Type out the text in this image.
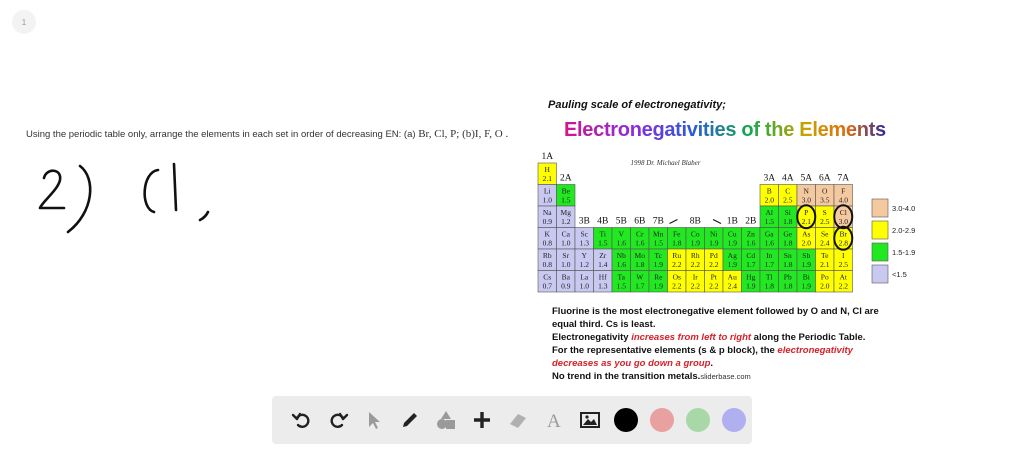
1
Using the periodic table only, arrange the elements in each set in order of decreasing EN: (a) Br, Cl, P; (b)I, F, O .
Pauling scale of electronegativity;
Electronegativities of the Elements
1A
2A
3B 4B 5B 6B 7B	8B	1B 2B
3A 4A 5A 6A 7A
1998 Dr. Michael Blaber
H
2.1
Li
1.0
Be
1.5
B
2.0
C
2.5
N
3.0
O
3.5
F
4.0
Na
0.9
Mg
1.2
Al
1.5
Si
1.8
P
2.1
S
2.5
Cl
3.0
K
0.8
Ca
1.0
Sc
1.3
Ti
1.5
V
1.6
Cr
1.6
Mn
1.5
Fe
1.8
Co
1.9
Ni
1.9
Cu
1.9
Zn
1.6
Ga
1.6
Ge
1.8
As
2.0
Se
2.4
Br
2.8
Rb
0.8
Sr
1.0
Y
1.2
Zr
1.4
Nb
1.6
Mo
1.8
Tc
1.9
Ru
2.2
Rh
2.2
Pd
2.2
Ag
1.9
Cd
1.7
In
1.7
Sn
1.8
Sb
1.9
Te
2.1
I
2.5
Cs
0.7
Ba
0.9
La
1.0
Hf
1.3
Ta
1.5
W
1.7
Re
1.9
Os
2.2
Ir
2.2
Pt
2.2
Au
2.4
Hg
1.9
Tl
1.8
Pb
1.8
Bi
1.9
Po
2.0
At
2.2
3.0-4.0
2.0-2.9
1.5-1.9
<1.5
Fluorine is the most electronegative element followed by O and N, Cl are
equal third. Cs is least.
Electronegativity increases from left to right along the Periodic Table.
For the representative elements (s & p block), the electronegativity
decreases as you go down a group.
No trend in the transition metals.sliderbase.com
A
